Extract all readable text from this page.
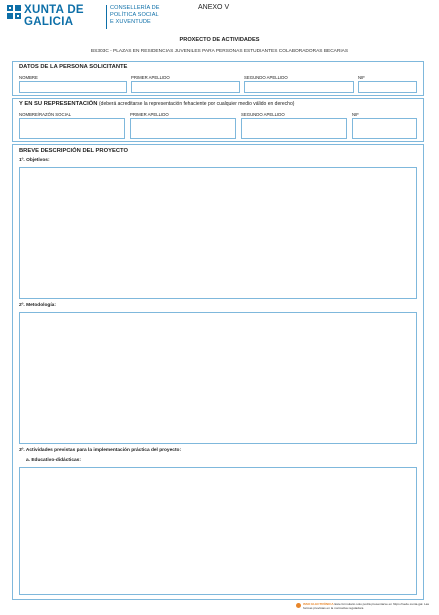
XUNTA DE GALICIA
CONSELLERÍA DE
POLÍTICA SOCIAL
E XUVENTUDE
ANEXO V
PROXECTO DE ACTIVIDADES
BS303C - PLAZAS EN RESIDENCIAS JUVENILES PARA PERSONAS ESTUDIANTES COLABORADORAS BECARIAS
DATOS DE LA PERSONA SOLICITANTE
NOMBRE	PRIMER APELLIDO	SEGUNDO APELLIDO	NIF
Y EN SU REPRESENTACIÓN (deberá acreditarse la representación fehaciente por cualquier medio válido en derecho)
NOMBRE/RAZÓN SOCIAL	PRIMER APELLIDO	SEGUNDO APELLIDO	NIF
BREVE DESCRIPCIÓN DEL PROYECTO
1º. Objetivos:
2º. Metodología:
3º. Actividades previstas para la implementación práctica del proyecto:
a. Educativo-didácticas:
ISSO ELECTRÓNICA Este formulario solo podrá presentarse en https://sede.xunta.gal. Las formas previstas en la normativa reguladora
